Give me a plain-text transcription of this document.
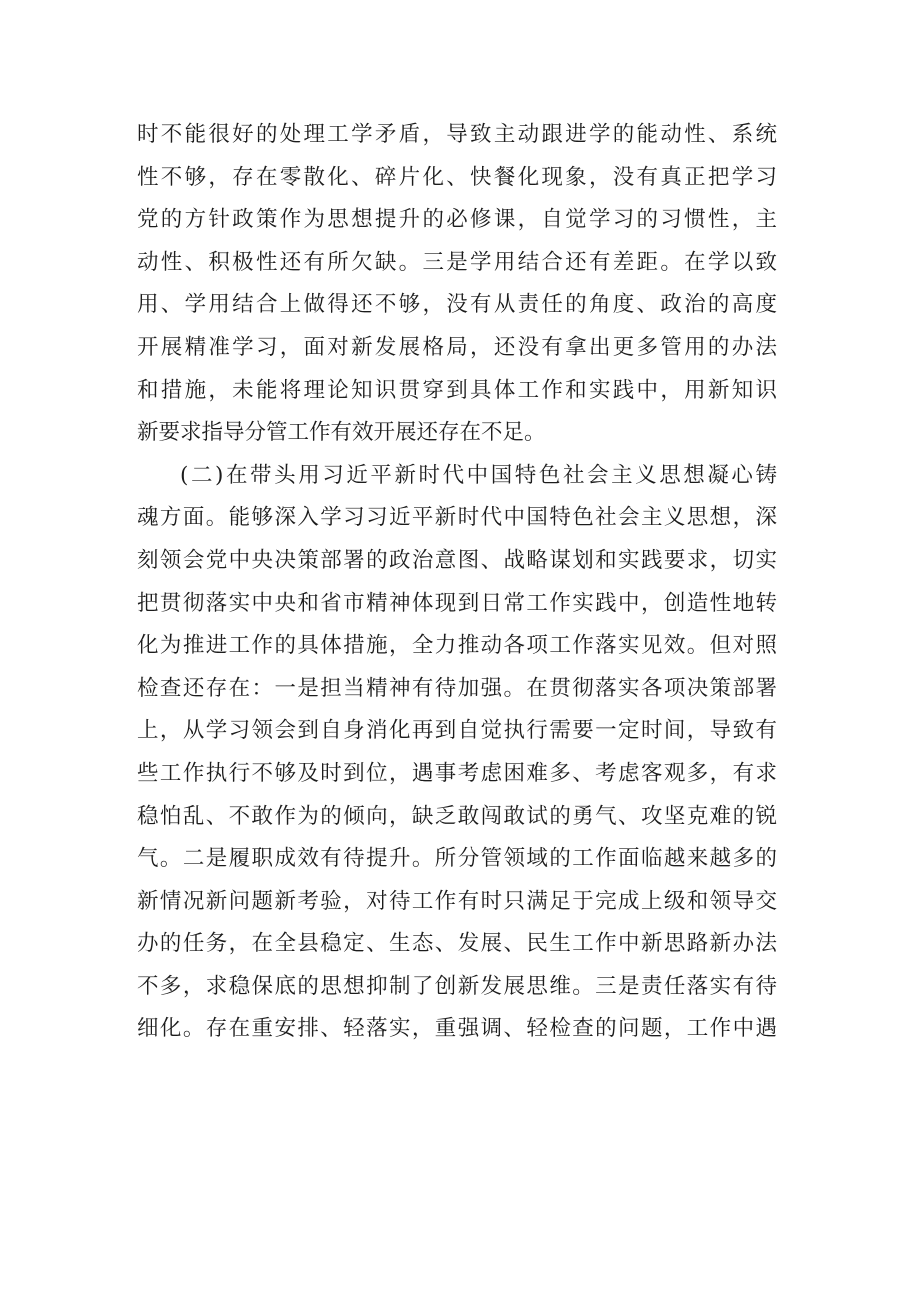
时不能很好的处理工学矛盾，导致主动跟进学的能动性、系统
性不够，存在零散化、碎片化、快餐化现象，没有真正把学习
党的方针政策作为思想提升的必修课，自觉学习的习惯性，主
动性、积极性还有所欠缺。三是学用结合还有差距。在学以致
用、学用结合上做得还不够，没有从责任的角度、政治的高度
开展精准学习，面对新发展格局，还没有拿出更多管用的办法
和措施，未能将理论知识贯穿到具体工作和实践中，用新知识
新要求指导分管工作有效开展还存在不足。
(二)在带头用习近平新时代中国特色社会主义思想凝心铸
魂方面。能够深入学习习近平新时代中国特色社会主义思想，深
刻领会党中央决策部署的政治意图、战略谋划和实践要求，切实
把贯彻落实中央和省市精神体现到日常工作实践中，创造性地转
化为推进工作的具体措施，全力推动各项工作落实见效。但对照
检查还存在：一是担当精神有待加强。在贯彻落实各项决策部署
上，从学习领会到自身消化再到自觉执行需要一定时间，导致有
些工作执行不够及时到位，遇事考虑困难多、考虑客观多，有求
稳怕乱、不敢作为的倾向，缺乏敢闯敢试的勇气、攻坚克难的锐
气。二是履职成效有待提升。所分管领域的工作面临越来越多的
新情况新问题新考验，对待工作有时只满足于完成上级和领导交
办的任务，在全县稳定、生态、发展、民生工作中新思路新办法
不多，求稳保底的思想抑制了创新发展思维。三是责任落实有待
细化。存在重安排、轻落实，重强调、轻检查的问题，工作中遇
